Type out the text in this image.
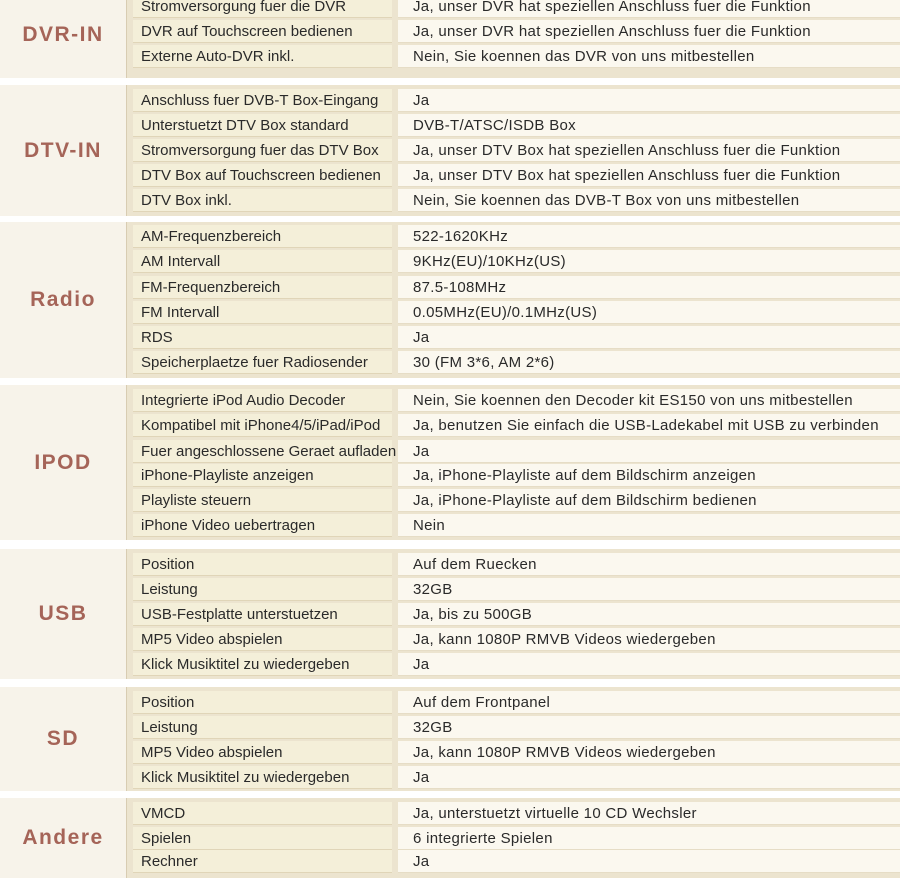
DVR-IN
Stromversorgung fuer die DVR	Ja, unser DVR hat speziellen Anschluss fuer die Funktion
DVR auf Touchscreen bedienen	Ja, unser DVR hat speziellen Anschluss fuer die Funktion
Externe Auto-DVR inkl.	Nein, Sie koennen das DVR von uns mitbestellen
DTV-IN
Anschluss fuer DVB-T Box-Eingang	Ja
Unterstuetzt DTV Box standard	DVB-T/ATSC/ISDB Box
Stromversorgung fuer das DTV Box	Ja, unser DTV Box hat speziellen Anschluss fuer die Funktion
DTV Box auf Touchscreen bedienen	Ja, unser DTV Box hat speziellen Anschluss fuer die Funktion
DTV Box inkl.	Nein, Sie koennen das DVB-T Box von uns mitbestellen
Radio
AM-Frequenzbereich	522-1620KHz
AM Intervall	9KHz(EU)/10KHz(US)
FM-Frequenzbereich	87.5-108MHz
FM Intervall	0.05MHz(EU)/0.1MHz(US)
RDS	Ja
Speicherplaetze fuer Radiosender	30 (FM 3*6, AM 2*6)
IPOD
Integrierte iPod Audio Decoder	Nein, Sie koennen den Decoder kit ES150 von uns mitbestellen
Kompatibel mit iPhone4/5/iPad/iPod	Ja, benutzen Sie einfach die USB-Ladekabel mit USB zu verbinden
Fuer angeschlossene Geraet aufladen	Ja
iPhone-Playliste anzeigen	Ja, iPhone-Playliste auf dem Bildschirm anzeigen
Playliste steuern	Ja, iPhone-Playliste auf dem Bildschirm bedienen
iPhone Video uebertragen	Nein
USB
Position	Auf dem Ruecken
Leistung	32GB
USB-Festplatte unterstuetzen	Ja, bis zu 500GB
MP5 Video abspielen	Ja, kann 1080P RMVB Videos wiedergeben
Klick Musiktitel zu wiedergeben	Ja
SD
Position	Auf dem Frontpanel
Leistung	32GB
MP5 Video abspielen	Ja, kann 1080P RMVB Videos wiedergeben
Klick Musiktitel zu wiedergeben	Ja
Andere
VMCD	Ja, unterstuetzt virtuelle 10 CD Wechsler
Spielen	6 integrierte Spielen
Rechner	Ja
